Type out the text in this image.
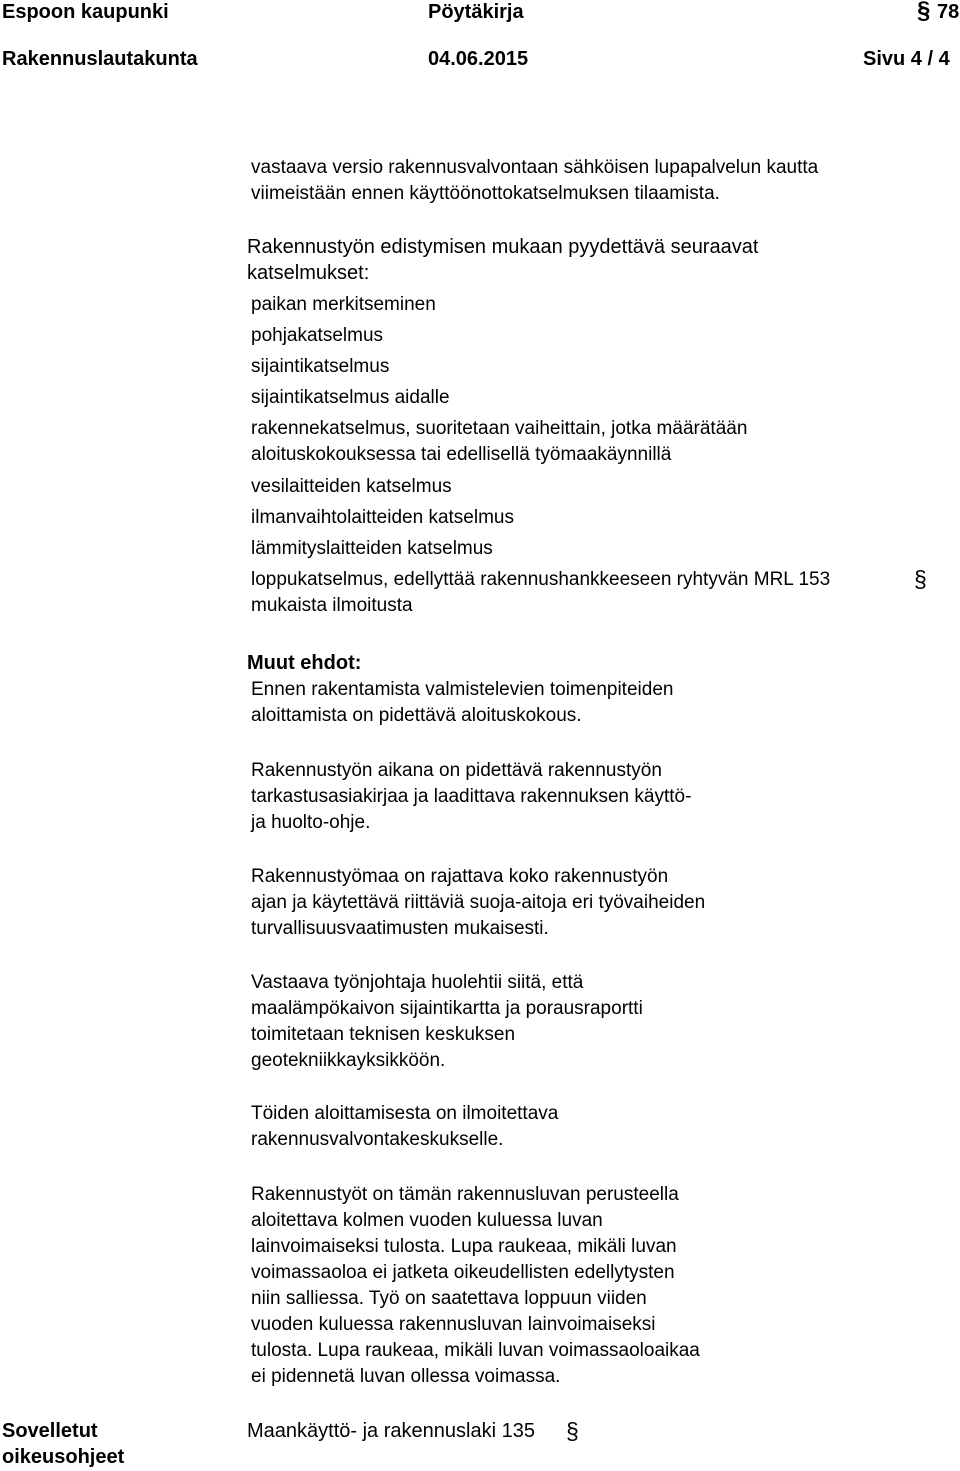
Espoon kaupunki	Pöytäkirja	§ 78
Rakennuslautakunta	04.06.2015	Sivu 4 / 4
vastaava versio rakennusvalvontaan sähköisen lupapalvelun kautta
viimeistään ennen käyttöönottokatselmuksen tilaamista.
Rakennustyön edistymisen mukaan pyydettävä seuraavat
katselmukset:
paikan merkitseminen
pohjakatselmus
sijaintikatselmus
sijaintikatselmus aidalle
rakennekatselmus, suoritetaan vaiheittain, jotka määrätään
aloituskokouksessa tai edellisellä työmaakäynnillä
vesilaitteiden katselmus
ilmanvaihtolaitteiden katselmus
lämmityslaitteiden katselmus
loppukatselmus, edellyttää rakennushankkeeseen ryhtyvän MRL 153
mukaista ilmoitusta
§
Muut ehdot:
Ennen rakentamista valmistelevien toimenpiteiden
aloittamista on pidettävä aloituskokous.
Rakennustyön aikana on pidettävä rakennustyön
tarkastusasiakirjaa ja laadittava rakennuksen käyttö-
ja huolto-ohje.
Rakennustyömaa on rajattava koko rakennustyön
ajan ja käytettävä riittäviä suoja-aitoja eri työvaiheiden
turvallisuusvaatimusten mukaisesti.
Vastaava työnjohtaja huolehtii siitä, että
maalämpökaivon sijaintikartta ja porausraportti
toimitetaan teknisen keskuksen
geotekniikkayksikköön.
Töiden aloittamisesta on ilmoitettava
rakennusvalvontakeskukselle.
Rakennustyöt on tämän rakennusluvan perusteella
aloitettava kolmen vuoden kuluessa luvan
lainvoimaiseksi tulosta. Lupa raukeaa, mikäli luvan
voimassaoloa ei jatketa oikeudellisten edellytysten
niin salliessa. Työ on saatettava loppuun viiden
vuoden kuluessa rakennusluvan lainvoimaiseksi
tulosta. Lupa raukeaa, mikäli luvan voimassaoloaikaa
ei pidennetä luvan ollessa voimassa.
Sovelletut
oikeusohjeet
Maankäyttö- ja rakennuslaki 135 §
